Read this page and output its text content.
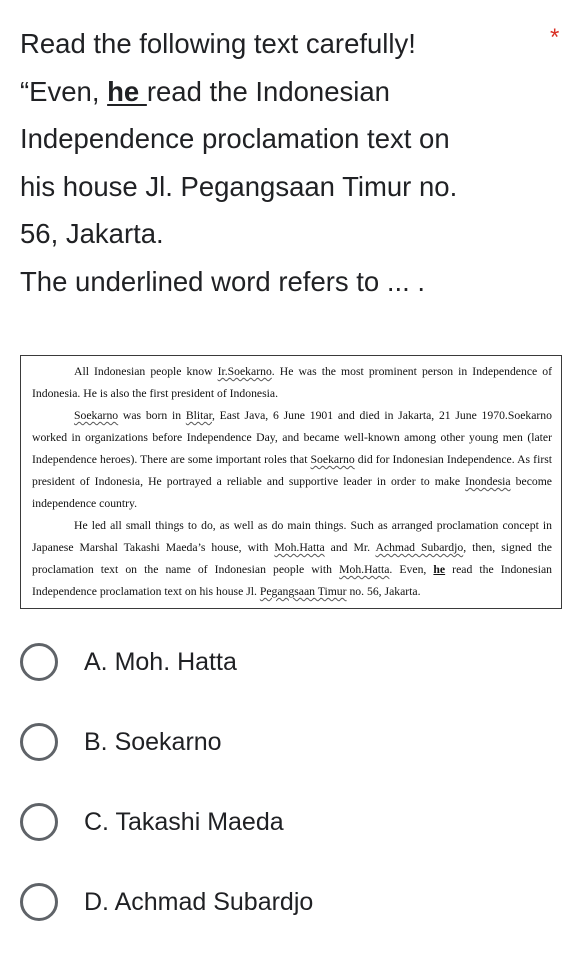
Read the following text carefully!
“Even, he read the Indonesian
Independence proclamation text on
his house Jl. Pegangsaan Timur no.
56, Jakarta.
The underlined word refers to ... .
*

All Indonesian people know Ir.Soekarno. He was the most prominent person in Independence of Indonesia. He is also the first president of Indonesia.

Soekarno was born in Blitar, East Java, 6 June 1901 and died in Jakarta, 21 June 1970.Soekarno worked in organizations before Independence Day, and became well-known among other young men (later Independence heroes). There are some important roles that Soekarno did for Indonesian Independence. As first president of Indonesia, He portrayed a reliable and supportive leader in order to make Inondesia become independence country.

He led all small things to do, as well as do main things. Such as arranged proclamation concept in Japanese Marshal Takashi Maeda’s house, with Moh.Hatta and Mr. Achmad Subardjo, then, signed the proclamation text on the name of Indonesian people with Moh.Hatta. Even, he read the Indonesian Independence proclamation text on his house Jl. Pegangsaan Timur no. 56, Jakarta.

A. Moh. Hatta
B. Soekarno
C. Takashi Maeda
D. Achmad Subardjo
